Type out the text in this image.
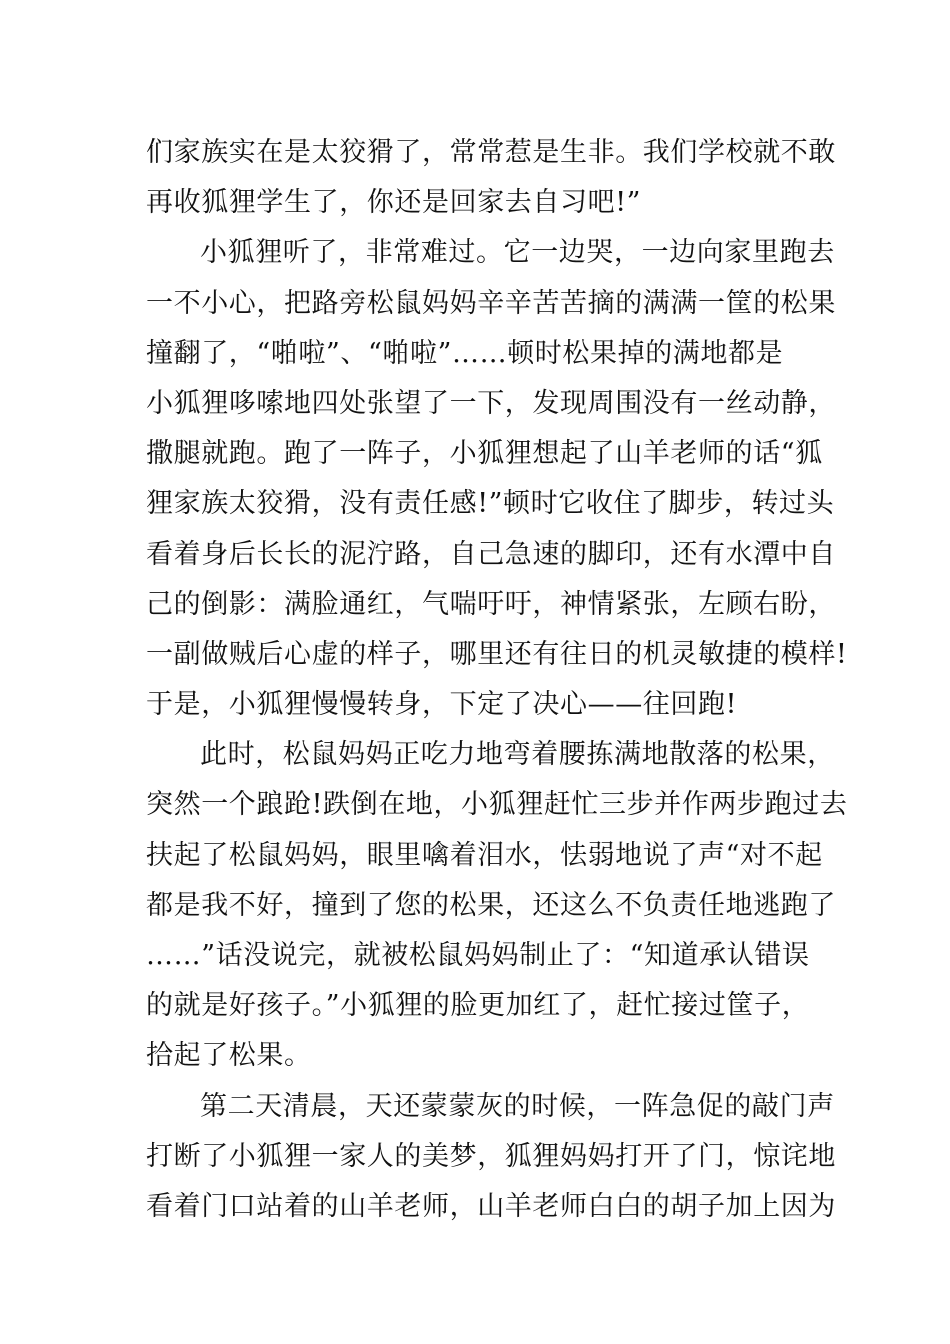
们家族实在是太狡猾了，常常惹是生非。我们学校就不敢
再收狐狸学生了，你还是回家去自习吧!”
小狐狸听了，非常难过。它一边哭，一边向家里跑去
一不小心，把路旁松鼠妈妈辛辛苦苦摘的满满一筐的松果
撞翻了，“啪啦”、“啪啦”……顿时松果掉的满地都是
小狐狸哆嗦地四处张望了一下，发现周围没有一丝动静，
撒腿就跑。跑了一阵子，小狐狸想起了山羊老师的话“狐
狸家族太狡猾，没有责任感!”顿时它收住了脚步，转过头
看着身后长长的泥泞路，自己急速的脚印，还有水潭中自
己的倒影：满脸通红，气喘吁吁，神情紧张，左顾右盼，
一副做贼后心虚的样子，哪里还有往日的机灵敏捷的模样!
于是，小狐狸慢慢转身，下定了决心——往回跑!
此时，松鼠妈妈正吃力地弯着腰拣满地散落的松果，
突然一个踉跄!跌倒在地，小狐狸赶忙三步并作两步跑过去
扶起了松鼠妈妈，眼里噙着泪水，怯弱地说了声“对不起
都是我不好，撞到了您的松果，还这么不负责任地逃跑了
……”话没说完，就被松鼠妈妈制止了：“知道承认错误
的就是好孩子。”小狐狸的脸更加红了，赶忙接过筐子，
拾起了松果。
第二天清晨，天还蒙蒙灰的时候，一阵急促的敲门声
打断了小狐狸一家人的美梦，狐狸妈妈打开了门，惊诧地
看着门口站着的山羊老师，山羊老师白白的胡子加上因为
